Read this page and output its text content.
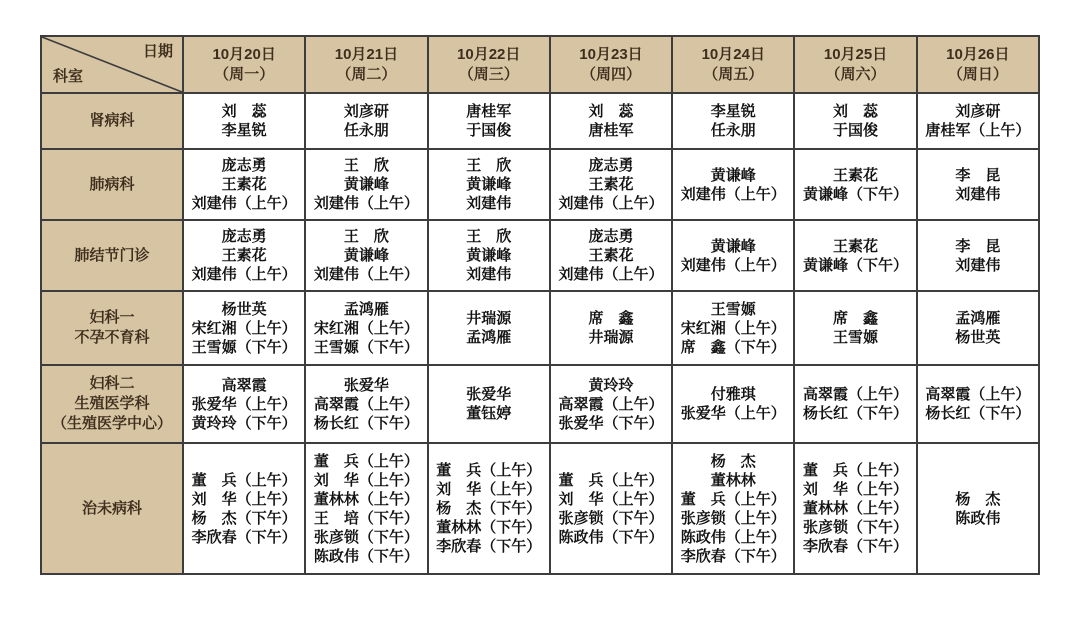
日期
科室

10月20日
（周一）

10月21日
（周二）

10月22日
（周三）

10月23日
（周四）

10月24日
（周五）

10月25日
（周六）

10月26日
（周日）

肾病科

刘　蕊
李星锐

刘彦研
任永朋

唐桂军
于国俊

刘　蕊
唐桂军

李星锐
任永朋

刘　蕊
于国俊

刘彦研
唐桂军（上午）

肺病科

庞志勇
王素花
刘建伟（上午）

王　欣
黄谦峰
刘建伟（上午）

王　欣
黄谦峰
刘建伟

庞志勇
王素花
刘建伟（上午）

黄谦峰
刘建伟（上午）

王素花
黄谦峰（下午）

李　昆
刘建伟

肺结节门诊

庞志勇
王素花
刘建伟（上午）

王　欣
黄谦峰
刘建伟（上午）

王　欣
黄谦峰
刘建伟

庞志勇
王素花
刘建伟（上午）

黄谦峰
刘建伟（上午）

王素花
黄谦峰（下午）

李　昆
刘建伟

妇科一
不孕不育科

杨世英
宋红湘（上午）
王雪嫄（下午）

孟鸿雁
宋红湘（上午）
王雪嫄（下午）

井瑞源
孟鸿雁

席　鑫
井瑞源

王雪嫄
宋红湘（上午）
席　鑫（下午）

席　鑫
王雪嫄

孟鸿雁
杨世英

妇科二
生殖医学科
（生殖医学中心）

高翠霞
张爱华（上午）
黄玲玲（下午）

张爱华
高翠霞（上午）
杨长红（下午）

张爱华
董钰婷

黄玲玲
高翠霞（上午）
张爱华（下午）

付雅琪
张爱华（上午）

高翠霞（上午）
杨长红（下午）

高翠霞（上午）
杨长红（下午）

治未病科

董　兵（上午）
刘　华（上午）
杨　杰（下午）
李欣春（下午）

董　兵（上午）
刘　华（上午）
董林林（上午）
王　培（下午）
张彦锁（下午）
陈政伟（下午）

董　兵（上午）
刘　华（上午）
杨　杰（下午）
董林林（下午）
李欣春（下午）

董　兵（上午）
刘　华（上午）
张彦锁（下午）
陈政伟（下午）

杨　杰
董林林
董　兵（上午）
张彦锁（上午）
陈政伟（上午）
李欣春（下午）

董　兵（上午）
刘　华（上午）
董林林（上午）
张彦锁（下午）
李欣春（下午）

杨　杰
陈政伟
